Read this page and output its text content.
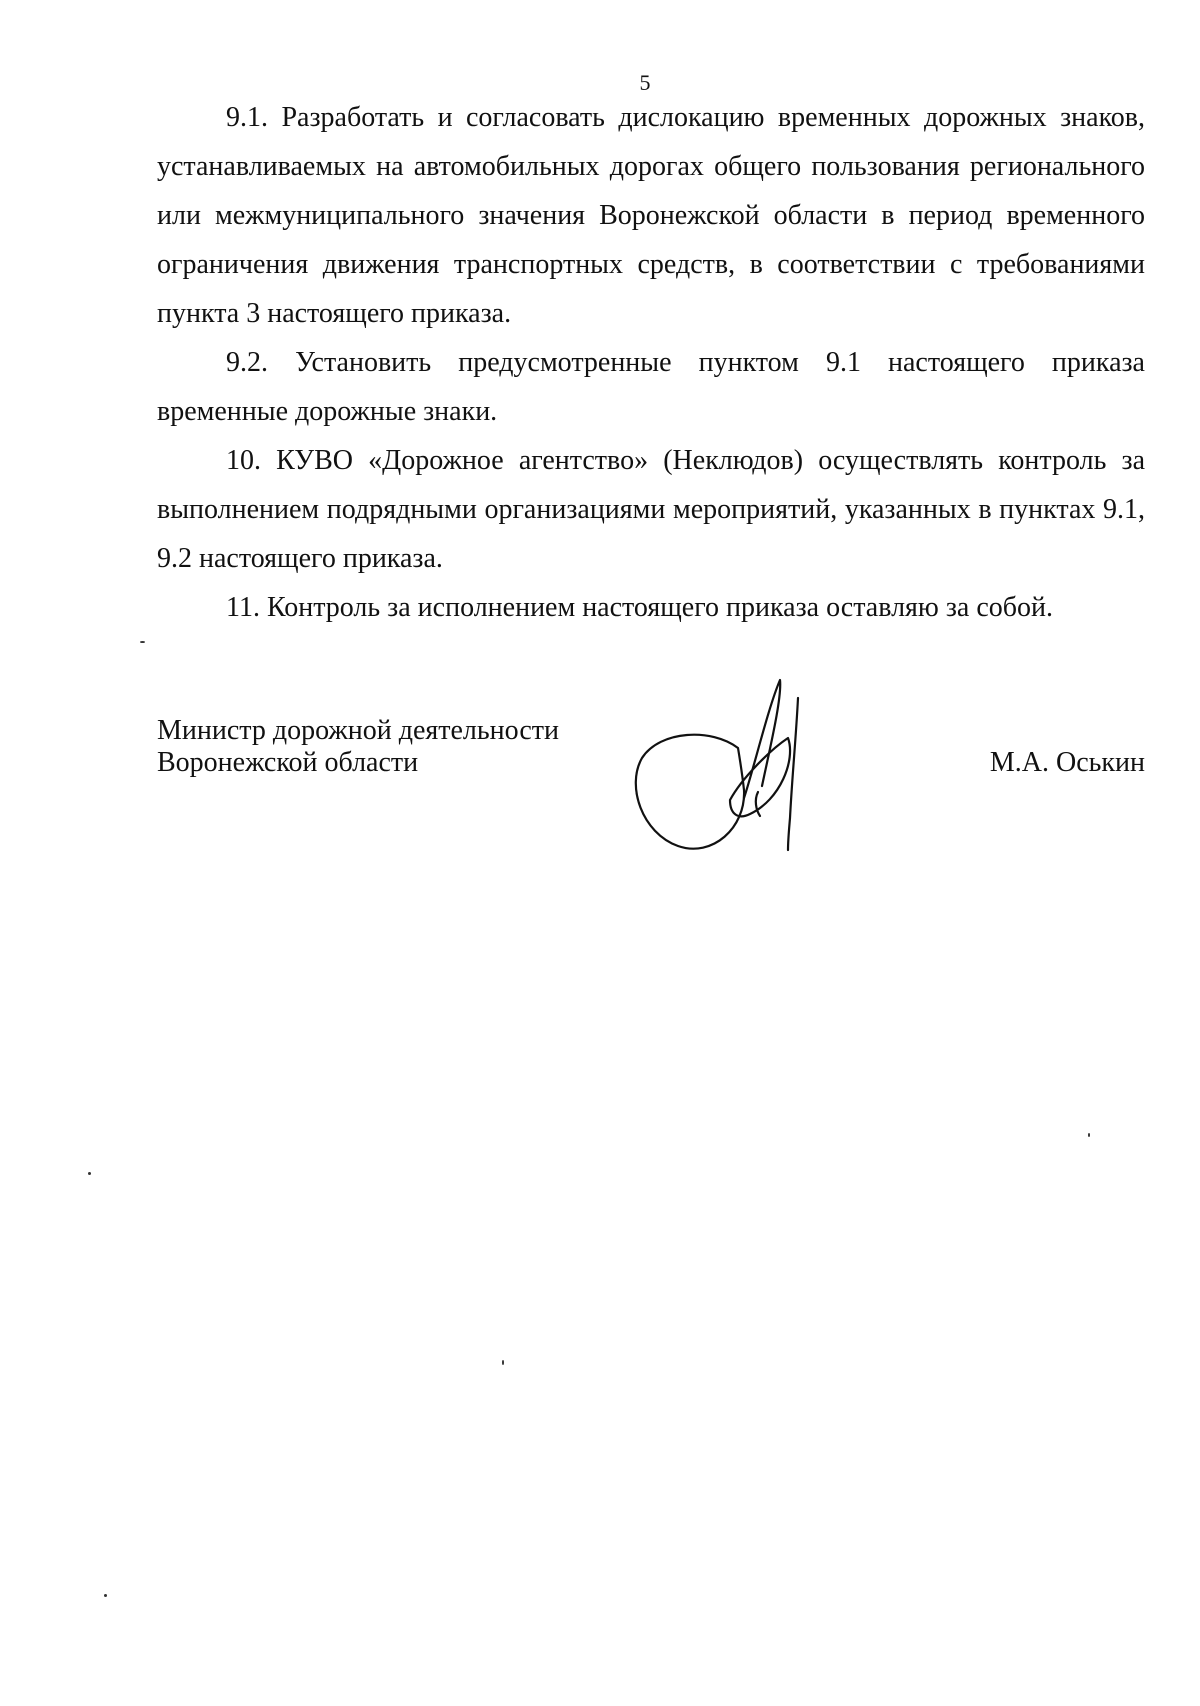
5

9.1. Разработать и согласовать дислокацию временных дорожных знаков, устанавливаемых на автомобильных дорогах общего пользования регионального или межмуниципального значения Воронежской области в период временного ограничения движения транспортных средств, в соответствии с требованиями пункта 3 настоящего приказа.

9.2. Установить предусмотренные пунктом 9.1 настоящего приказа временные дорожные знаки.

10. КУВО «Дорожное агентство» (Неклюдов) осуществлять контроль за выполнением подрядными организациями мероприятий, указанных в пунктах 9.1, 9.2 настоящего приказа.

11. Контроль за исполнением настоящего приказа оставляю за собой.

Министр дорожной деятельности
Воронежской области	М.А. Оськин
